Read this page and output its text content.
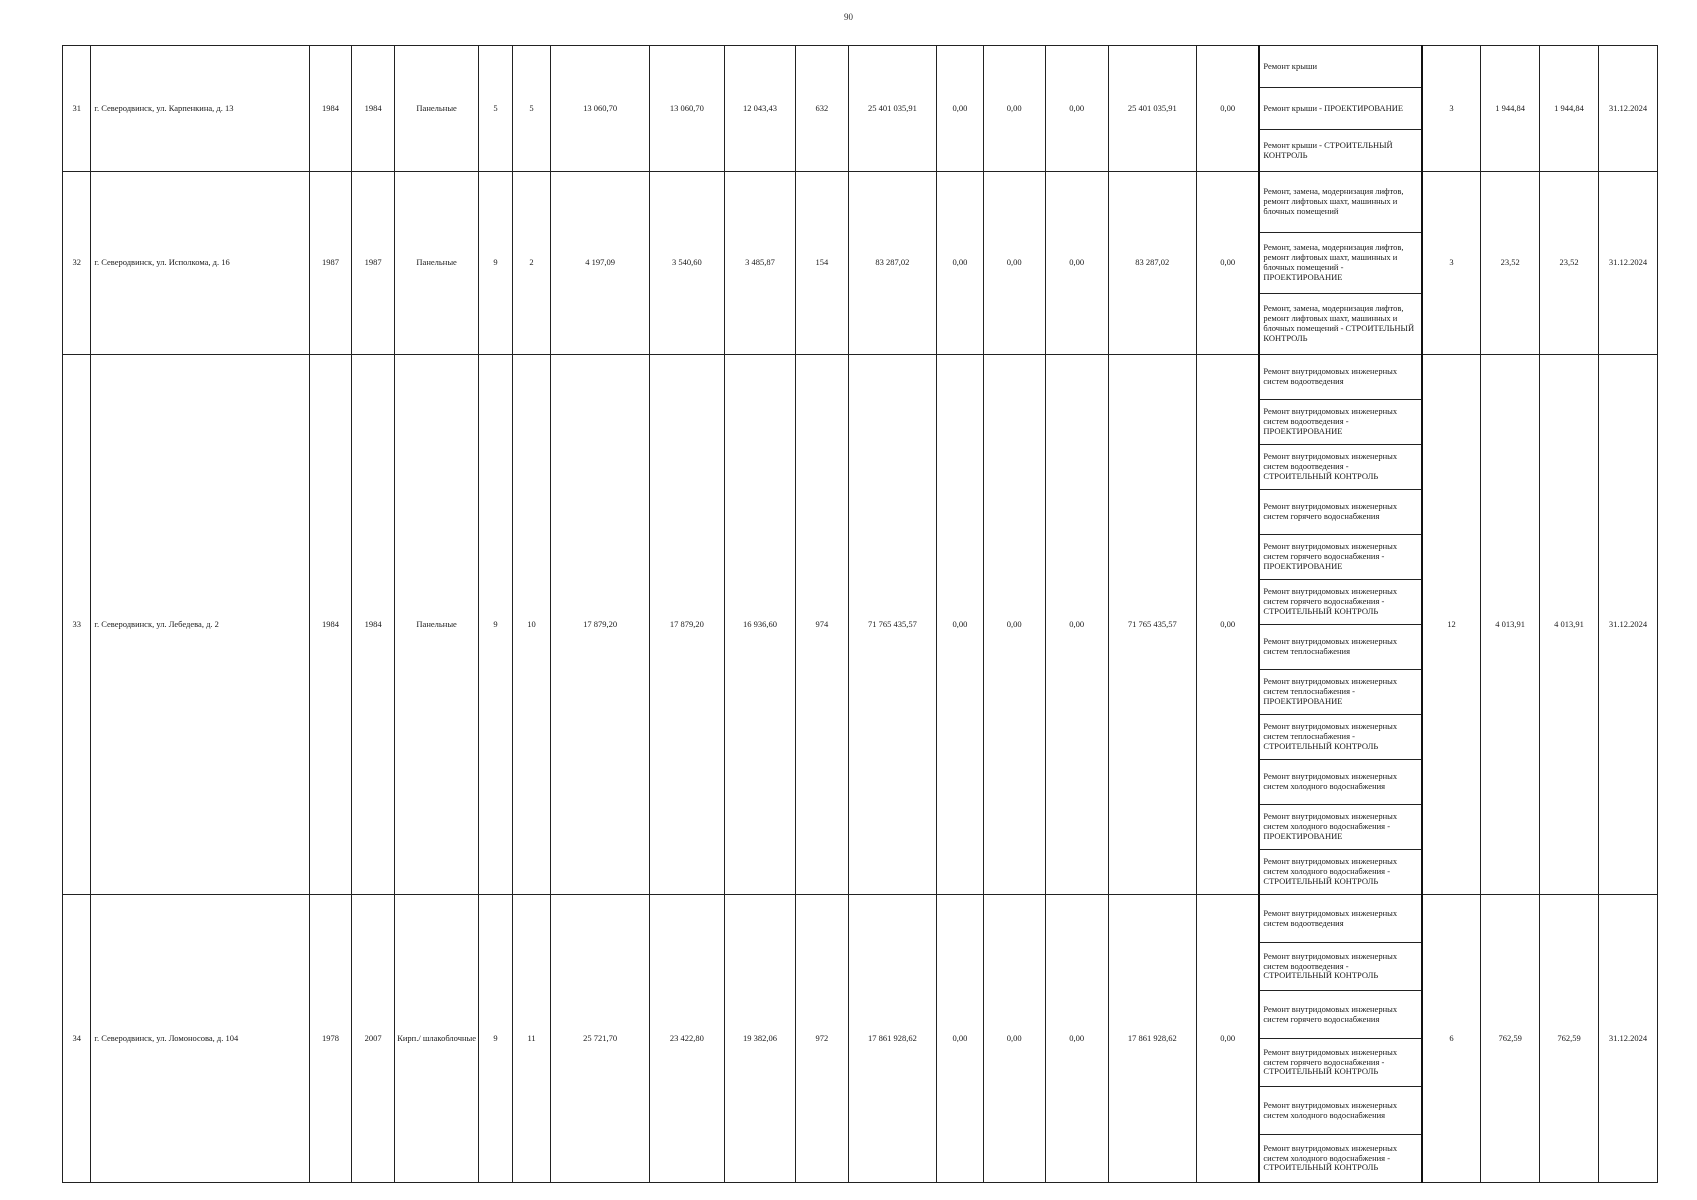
90
31	г. Северодвинск, ул. Карпенкина, д. 13	1984	1984	Панельные	5	5	13 060,70	13 060,70	12 043,43	632	25 401 035,91	0,00	0,00	0,00	25 401 035,91	0,00	Ремонт крыши	3	1 944,84	1 944,84	31.12.2024
																	Ремонт крыши - ПРОЕКТИРОВАНИЕ				
																	Ремонт крыши - СТРОИТЕЛЬНЫЙ КОНТРОЛЬ				
32	г. Северодвинск, ул. Исполкома, д. 16	1987	1987	Панельные	9	2	4 197,09	3 540,60	3 485,87	154	83 287,02	0,00	0,00	0,00	83 287,02	0,00	Ремонт, замена, модернизация лифтов, ремонт лифтовых шахт, машинных и блочных помещений	3	23,52	23,52	31.12.2024
																	Ремонт, замена, модернизация лифтов, ремонт лифтовых шахт, машинных и блочных помещений - ПРОЕКТИРОВАНИЕ				
																	Ремонт, замена, модернизация лифтов, ремонт лифтовых шахт, машинных и блочных помещений - СТРОИТЕЛЬНЫЙ КОНТРОЛЬ				
33	г. Северодвинск, ул. Лебедева, д. 2	1984	1984	Панельные	9	10	17 879,20	17 879,20	16 936,60	974	71 765 435,57	0,00	0,00	0,00	71 765 435,57	0,00	Ремонт внутридомовых инженерных систем водоотведения	12	4 013,91	4 013,91	31.12.2024
																	Ремонт внутридомовых инженерных систем водоотведения - ПРОЕКТИРОВАНИЕ				
																	Ремонт внутридомовых инженерных систем водоотведения - СТРОИТЕЛЬНЫЙ КОНТРОЛЬ				
																	Ремонт внутридомовых инженерных систем горячего водоснабжения				
																	Ремонт внутридомовых инженерных систем горячего водоснабжения - ПРОЕКТИРОВАНИЕ				
																	Ремонт внутридомовых инженерных систем горячего водоснабжения - СТРОИТЕЛЬНЫЙ КОНТРОЛЬ				
																	Ремонт внутридомовых инженерных систем теплоснабжения				
																	Ремонт внутридомовых инженерных систем теплоснабжения - ПРОЕКТИРОВАНИЕ				
																	Ремонт внутридомовых инженерных систем теплоснабжения - СТРОИТЕЛЬНЫЙ КОНТРОЛЬ				
																	Ремонт внутридомовых инженерных систем холодного водоснабжения				
																	Ремонт внутридомовых инженерных систем холодного водоснабжения - ПРОЕКТИРОВАНИЕ				
																	Ремонт внутридомовых инженерных систем холодного водоснабжения - СТРОИТЕЛЬНЫЙ КОНТРОЛЬ				
34	г. Северодвинск, ул. Ломоносова, д. 104	1978	2007	Кирп./ шлакоблочные	9	11	25 721,70	23 422,80	19 382,06	972	17 861 928,62	0,00	0,00	0,00	17 861 928,62	0,00	Ремонт внутридомовых инженерных систем водоотведения	6	762,59	762,59	31.12.2024
																	Ремонт внутридомовых инженерных систем водоотведения - СТРОИТЕЛЬНЫЙ КОНТРОЛЬ				
																	Ремонт внутридомовых инженерных систем горячего водоснабжения				
																	Ремонт внутридомовых инженерных систем горячего водоснабжения - СТРОИТЕЛЬНЫЙ КОНТРОЛЬ				
																	Ремонт внутридомовых инженерных систем холодного водоснабжения				
																	Ремонт внутридомовых инженерных систем холодного водоснабжения - СТРОИТЕЛЬНЫЙ КОНТРОЛЬ				
